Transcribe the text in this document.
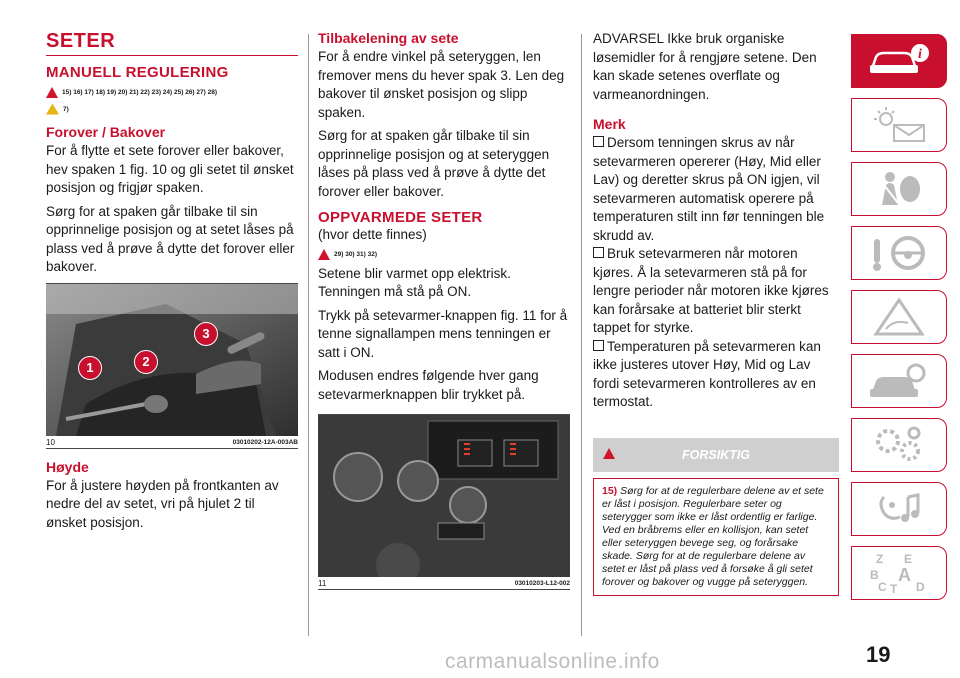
SETER
MANUELL REGULERING
15) 16) 17) 18) 19) 20) 21) 22) 23) 24) 25) 26) 27) 28)
7)
Forover / Bakover

For å flytte et sete forover eller bakover, hev spaken 1 fig. 10 og gli setet til ønsket posisjon og frigjør spaken.

Sørg for at spaken går tilbake til sin opprinnelige posisjon og at setet låses på plass ved å prøve å dytte det forover eller bakover.

1	2
3
10	03010202-12A-003AB
Høyde

For å justere høyden på frontkanten av nedre del av setet, vri på hjulet 2 til ønsket posisjon.

Tilbakelening av sete

For å endre vinkel på seteryggen, len fremover mens du hever spak 3. Len deg bakover til ønsket posisjon og slipp spaken.

Sørg for at spaken går tilbake til sin opprinnelige posisjon og at seteryggen låses på plass ved å prøve å dytte det forover eller bakover.

OPPVARMEDE SETER

(hvor dette finnes)

29) 30) 31) 32)

Setene blir varmet opp elektrisk. Tenningen må stå på ON.

Trykk på setevarmer-knappen fig. 11 for å tenne signallampen mens tenningen er satt i ON.

Modusen endres følgende hver gang setevarmerknappen blir trykket på.

11	03010203-L12-002

ADVARSEL Ikke bruk organiske løsemidler for å rengjøre setene. Den kan skade setenes overflate og varmeanordningen.

Merk

Dersom tenningen skrus av når setevarmeren opererer (Høy, Mid eller Lav) og deretter skrus på ON igjen, vil setevarmeren automatisk operere på temperaturen stilt inn før tenningen ble skrudd av.

Bruk setevarmeren når motoren kjøres. Å la setevarmeren stå på for lengre perioder når motoren ikke kjøres kan forårsake at batteriet blir sterkt tappet for styrke.

Temperaturen på setevarmeren kan ikke justeres utover Høy, Mid og Lav fordi setevarmeren kontrolleres av en termostat.

FORSIKTIG

15) Sørg for at de regulerbare delene av et sete er låst i posisjon. Regulerbare seter og seterygger som ikke er låst ordentlig er farlige. Ved en bråbrems eller en kollisjon, kan setet eller seteryggen bevege seg, og forårsake skade. Sørg for at de regulerbare delene av setet er låst på plass ved å forsøke å gli setet forover og bakover og vugge på seteryggen.

i
Z E
B A
C T D
19
carmanualsonline.info
